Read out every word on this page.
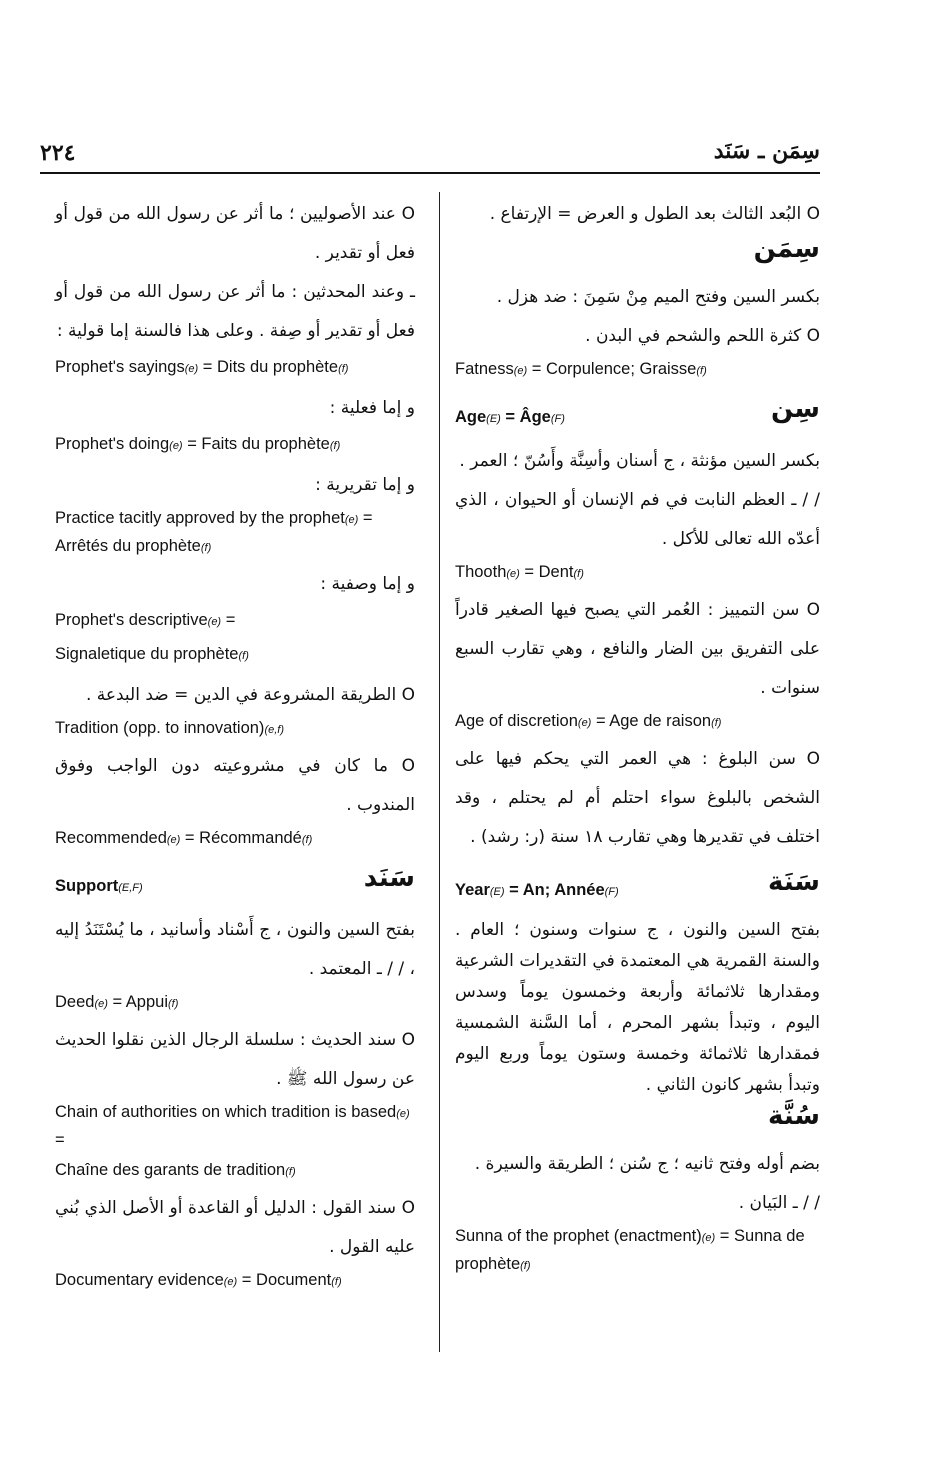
٢٢٤	سِمَن ـ سَنَد

O البُعد الثالث بعد الطول و العرض = الإرتفاع .

سِمَن

بكسر السين وفتح الميم مِنْ سَمِنَ : ضد هزل .

O كثرة اللحم والشحم في البدن .

Fatness(e) = Corpulence; Graisse(f)

سِن
Age(E) = Âge(F)

بكسر السين مؤنثة ، ج أسنان وأسِنَّة وأَسُنّ ؛ العمر .

/ / ـ العظم النابت في فم الإنسان أو الحيوان ، الذي أعدّه الله تعالى للأكل .

Thooth(e) = Dent(f)

O سن التمييز : العُمر التي يصبح فيها الصغير قادراً على التفريق بين الضار والنافع ، وهي تقارب السبع سنوات .

Age of discretion(e) = Age de raison(f)

O سن البلوغ : هي العمر التي يحكم فيها على الشخص بالبلوغ سواء احتلم أم لم يحتلم ، وقد اختلف في تقديرها وهي تقارب ١٨ سنة (ر: رشد) .

سَنَة
Year(E) = An; Année(F)

بفتح السين والنون ، ج سنوات وسنون ؛ العام . والسنة القمرية هي المعتمدة في التقديرات الشرعية ومقدارها ثلاثمائة وأربعة وخمسون يوماً وسدس اليوم ، وتبدأ بشهر المحرم ، أما السَّنة الشمسية فمقدارها ثلاثمائة وخمسة وستون يوماً وربع اليوم وتبدأ بشهر كانون الثاني .

سُنَّة

بضم أوله وفتح ثانيه ؛ ج سُنن ؛ الطريقة والسيرة .

/ / ـ البَيان .

Sunna of the prophet (enactment)(e) = Sunna de prophète(f)

O عند الأصوليين ؛ ما أثر عن رسول الله من قول أو فعل أو تقدير .

ـ وعند المحدثين : ما أثر عن رسول الله من قول أو فعل أو تقدير أو صِفة . وعلى هذا فالسنة إما قولية :

Prophet's sayings(e) = Dits du prophète(f)

و إما فعلية :

Prophet's doing(e) = Faits du prophète(f)

و إما تقريرية :

Practice tacitly approved by the prophet(e) = Arrêtés du prophète(f)

و إما وصفية :

Prophet's descriptive(e) =
Signaletique du prophète(f)

O الطريقة المشروعة في الدين = ضد البدعة .

Tradition (opp. to innovation)(e,f)

O ما كان في مشروعيته دون الواجب وفوق المندوب .

Recommended(e) = Récommandé(f)

سَنَد
Support(E,F)

بفتح السين والنون ، ج أَسْناد وأسانيد ، ما يُسْتَنَدُ إليه ، / / ـ المعتمد .

Deed(e) = Appui(f)

O سند الحديث : سلسلة الرجال الذين نقلوا الحديث عن رسول الله ﷺ .

Chain of authorities on which tradition is based(e) =

Chaîne des garants de tradition(f)

O سند القول : الدليل أو القاعدة أو الأصل الذي بُني عليه القول .

Documentary evidence(e) = Document(f)
